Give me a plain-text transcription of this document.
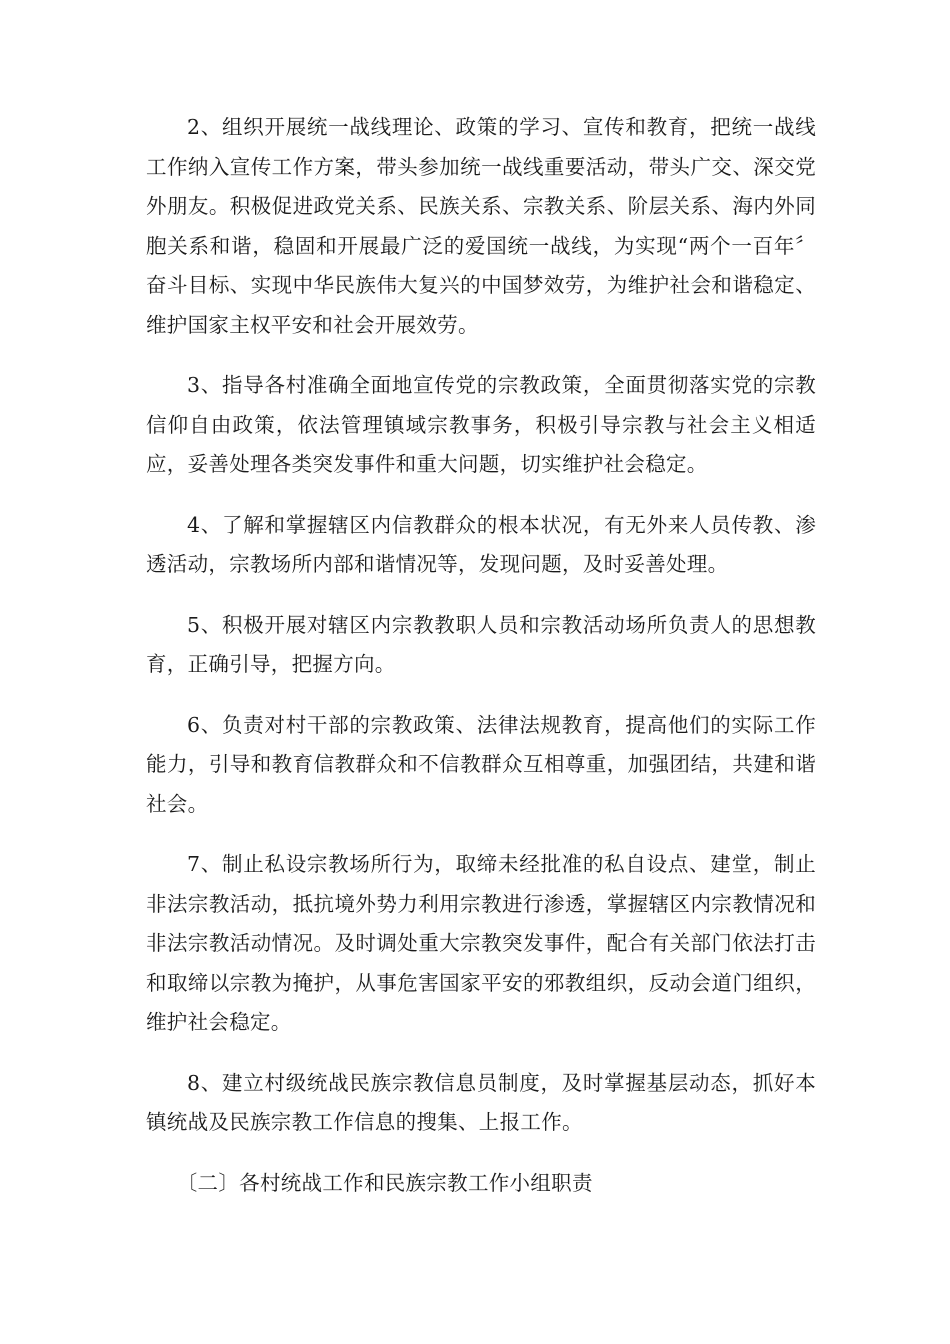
2、组织开展统一战线理论、政策的学习、宣传和教育，把统一战线工作纳入宣传工作方案，带头参加统一战线重要活动，带头广交、深交党外朋友。积极促进政党关系、民族关系、宗教关系、阶层关系、海内外同胞关系和谐，稳固和开展最广泛的爱国统一战线，为实现“两个一百年〞奋斗目标、实现中华民族伟大复兴的中国梦效劳，为维护社会和谐稳定、维护国家主权平安和社会开展效劳。

3、指导各村准确全面地宣传党的宗教政策，全面贯彻落实党的宗教信仰自由政策，依法管理镇域宗教事务，积极引导宗教与社会主义相适应，妥善处理各类突发事件和重大问题，切实维护社会稳定。

4、了解和掌握辖区内信教群众的根本状况，有无外来人员传教、渗透活动，宗教场所内部和谐情况等，发现问题，及时妥善处理。

5、积极开展对辖区内宗教教职人员和宗教活动场所负责人的思想教育，正确引导，把握方向。

6、负责对村干部的宗教政策、法律法规教育，提高他们的实际工作能力，引导和教育信教群众和不信教群众互相尊重，加强团结，共建和谐社会。

7、制止私设宗教场所行为，取缔未经批准的私自设点、建堂，制止非法宗教活动，抵抗境外势力利用宗教进行渗透，掌握辖区内宗教情况和非法宗教活动情况。及时调处重大宗教突发事件，配合有关部门依法打击和取缔以宗教为掩护，从事危害国家平安的邪教组织，反动会道门组织，维护社会稳定。

8、建立村级统战民族宗教信息员制度，及时掌握基层动态，抓好本镇统战及民族宗教工作信息的搜集、上报工作。

〔二〕各村统战工作和民族宗教工作小组职责
